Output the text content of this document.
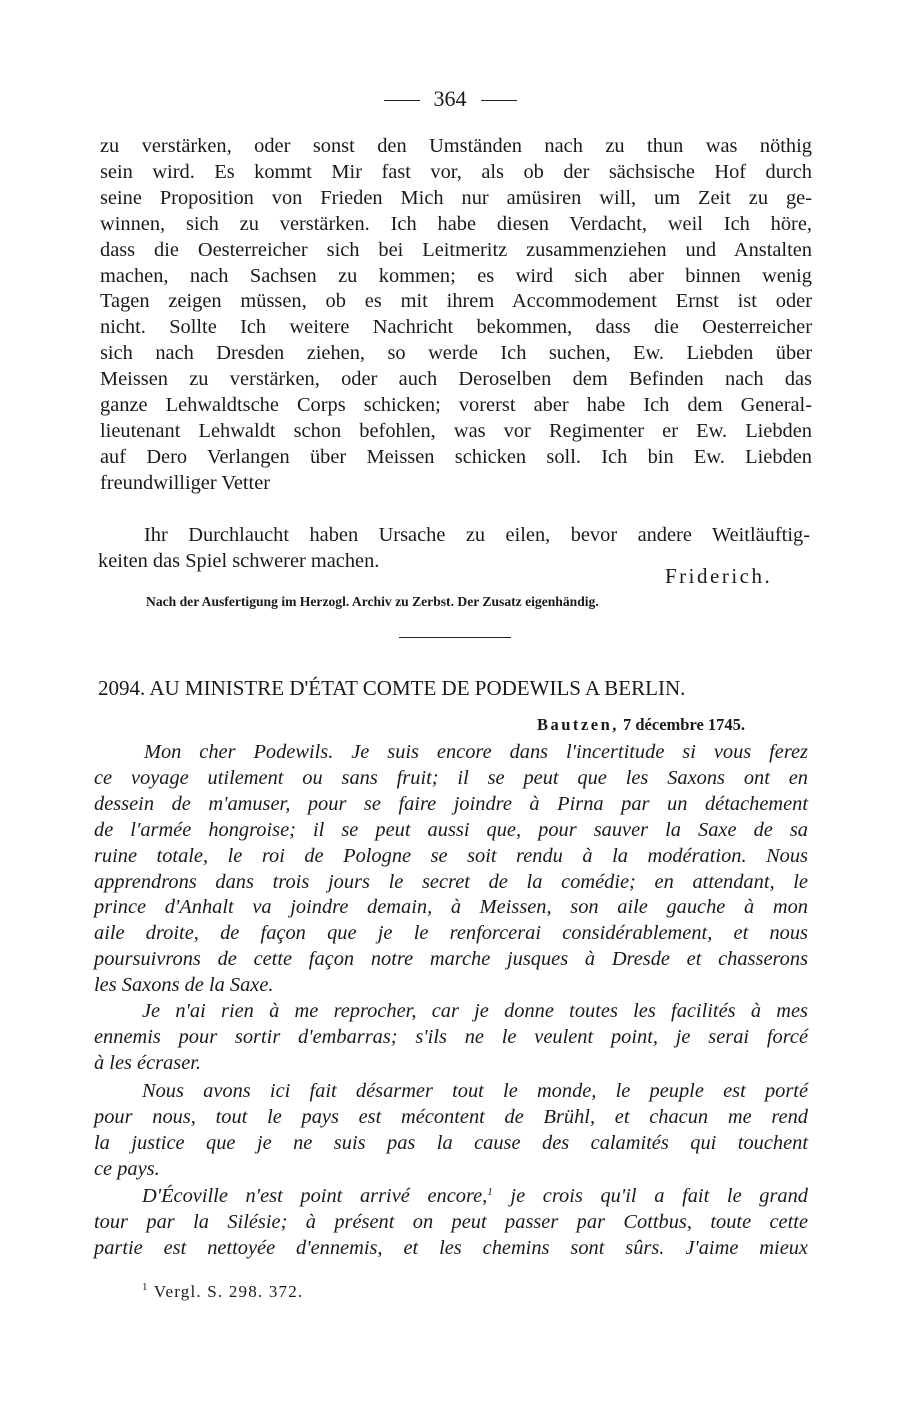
364
zu verstärken, oder sonst den Umständen nach zu thun was nöthig
sein wird. Es kommt Mir fast vor, als ob der sächsische Hof durch
seine Proposition von Frieden Mich nur amüsiren will, um Zeit zu ge-
winnen, sich zu verstärken. Ich habe diesen Verdacht, weil Ich höre,
dass die Oesterreicher sich bei Leitmeritz zusammenziehen und Anstalten
machen, nach Sachsen zu kommen; es wird sich aber binnen wenig
Tagen zeigen müssen, ob es mit ihrem Accommodement Ernst ist oder
nicht. Sollte Ich weitere Nachricht bekommen, dass die Oesterreicher
sich nach Dresden ziehen, so werde Ich suchen, Ew. Liebden über
Meissen zu verstärken, oder auch Deroselben dem Befinden nach das
ganze Lehwaldtsche Corps schicken; vorerst aber habe Ich dem General-
lieutenant Lehwaldt schon befohlen, was vor Regimenter er Ew. Liebden
auf Dero Verlangen über Meissen schicken soll. Ich bin Ew. Liebden
freundwilliger Vetter
Ihr Durchlaucht haben Ursache zu eilen, bevor andere Weitläuftig-
keiten das Spiel schwerer machen.
Friderich.
Nach der Ausfertigung im Herzogl. Archiv zu Zerbst. Der Zusatz eigenhändig.
2094. AU MINISTRE D'ÉTAT COMTE DE PODEWILS A BERLIN.
Bautzen, 7 décembre 1745.
Mon cher Podewils. Je suis encore dans l'incertitude si vous ferez
ce voyage utilement ou sans fruit; il se peut que les Saxons ont en
dessein de m'amuser, pour se faire joindre à Pirna par un détachement
de l'armée hongroise; il se peut aussi que, pour sauver la Saxe de sa
ruine totale, le roi de Pologne se soit rendu à la modération. Nous
apprendrons dans trois jours le secret de la comédie; en attendant, le
prince d'Anhalt va joindre demain, à Meissen, son aile gauche à mon
aile droite, de façon que je le renforcerai considérablement, et nous
poursuivrons de cette façon notre marche jusques à Dresde et chasserons
les Saxons de la Saxe.
Je n'ai rien à me reprocher, car je donne toutes les facilités à mes
ennemis pour sortir d'embarras; s'ils ne le veulent point, je serai forcé
à les écraser.
Nous avons ici fait désarmer tout le monde, le peuple est porté
pour nous, tout le pays est mécontent de Brühl, et chacun me rend
la justice que je ne suis pas la cause des calamités qui touchent
ce pays.
D'Écoville n'est point arrivé encore,$^1$ je crois qu'il a fait le grand
tour par la Silésie; à présent on peut passer par Cottbus, toute cette
partie est nettoyée d'ennemis, et les chemins sont sûrs. J'aime mieux
$^1$ Vergl. S. 298. 372.
